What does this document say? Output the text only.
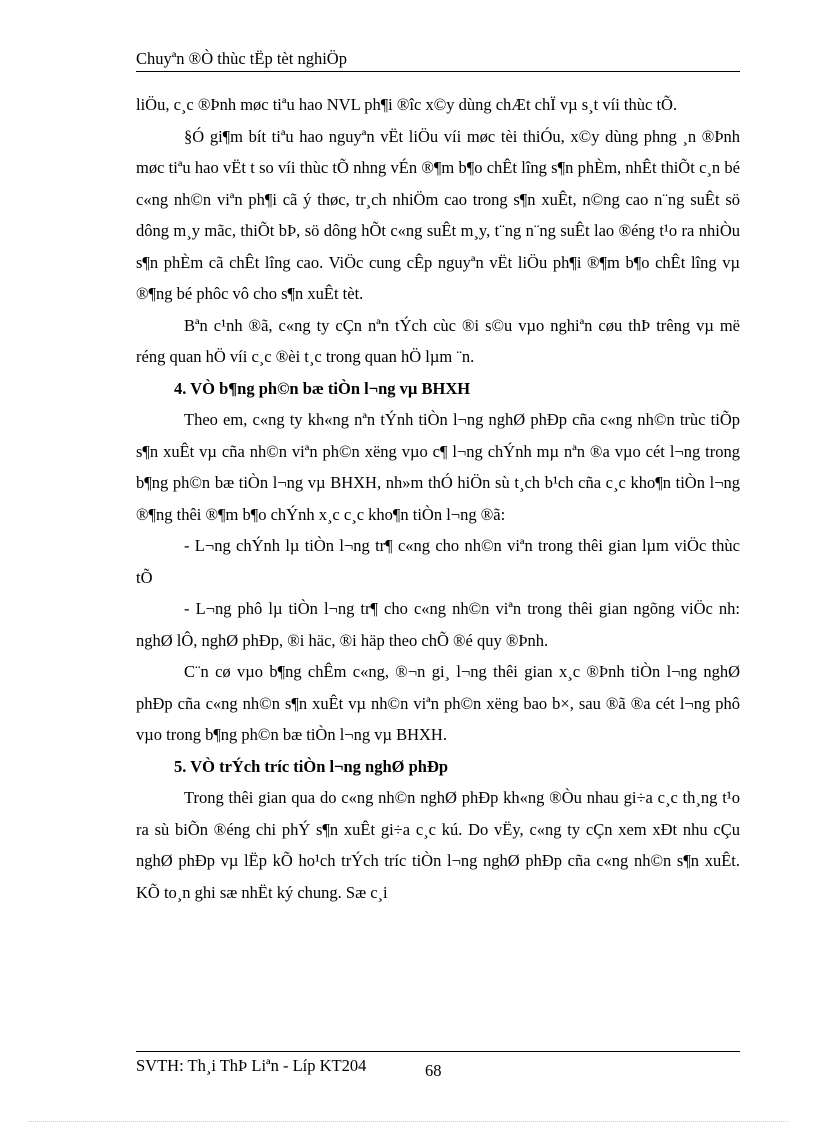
Chuyªn ®Ò thùc tËp tèt nghiÖp

liÖu, c¸c ®Þnh møc tiªu hao NVL ph¶i ®îc x©y dùng chÆt chÏ vµ s¸t víi thùc tÕ.

§Ó gi¶m bít tiªu hao nguyªn vËt liÖu víi møc tèi thiÓu, x©y dùng phng ¸n ®Þnh møc tiªu hao vËt t so víi thùc tÕ nhng vÉn ®¶m b¶o chÊt lîng s¶n phÈm, nhÊt thiÕt c¸n bé c«ng nh©n viªn ph¶i cã ý thøc, tr¸ch nhiÖm cao trong s¶n xuÊt, n©ng cao n¨ng suÊt sö dông m¸y mãc, thiÕt bÞ, sö dông hÕt c«ng suÊt m¸y, t¨ng n¨ng suÊt lao ®éng t¹o ra nhiÒu s¶n phÈm cã chÊt lîng cao. ViÖc cung cÊp nguyªn vËt liÖu ph¶i ®¶m b¶o chÊt lîng vµ ®¶ng bé phôc vô cho s¶n xuÊt tèt.

Bªn c¹nh ®ã, c«ng ty cÇn nªn tÝch cùc ®i s©u vµo nghiªn cøu thÞ trêng vµ më réng quan hÖ víi c¸c ®èi t¸c trong quan hÖ lµm ¨n.

4. VÒ b¶ng ph©n bæ tiÒn l¬ng vµ BHXH

Theo em, c«ng ty kh«ng nªn tÝnh tiÒn l¬ng nghØ phÐp cña c«ng nh©n trùc tiÕp s¶n xuÊt vµ cña nh©n viªn ph©n xëng vµo c¶ l¬ng chÝnh mµ nªn ®a vµo cét l¬ng trong b¶ng ph©n bæ tiÒn l¬ng vµ BHXH, nh»m thÓ hiÖn sù t¸ch b¹ch cña c¸c kho¶n tiÒn l¬ng ®¶ng thêi ®¶m b¶o chÝnh x¸c c¸c kho¶n tiÒn l¬ng ®ã:

- L¬ng chÝnh lµ tiÒn l¬ng tr¶ c«ng cho nh©n viªn trong thêi gian lµm viÖc thùc tÕ

- L¬ng phô lµ tiÒn l¬ng tr¶ cho c«ng nh©n viªn trong thêi gian ngõng viÖc nh: nghØ lÔ, nghØ phÐp, ®i häc, ®i häp theo chÕ ®é quy ®Þnh.

C¨n cø vµo b¶ng chÊm c«ng, ®¬n gi¸ l¬ng thêi gian x¸c ®Þnh tiÒn l¬ng nghØ phÐp cña c«ng nh©n s¶n xuÊt vµ nh©n viªn ph©n xëng bao b×, sau ®ã ®a cét l¬ng phô vµo trong b¶ng ph©n bæ tiÒn l¬ng vµ BHXH.

5. VÒ trÝch tríc tiÒn l¬ng nghØ phÐp

Trong thêi gian qua do c«ng nh©n nghØ phÐp kh«ng ®Òu nhau gi÷a c¸c th¸ng t¹o ra sù biÕn ®éng chi phÝ s¶n xuÊt gi÷a c¸c kú. Do vËy, c«ng ty cÇn xem xÐt nhu cÇu nghØ phÐp vµ lËp kÕ ho¹ch trÝch tríc tiÒn l¬ng nghØ phÐp cña c«ng nh©n s¶n xuÊt. KÕ to¸n ghi sæ nhËt ký chung. Sæ c¸i

SVTH: Th¸i ThÞ Liªn - Líp KT204	68
